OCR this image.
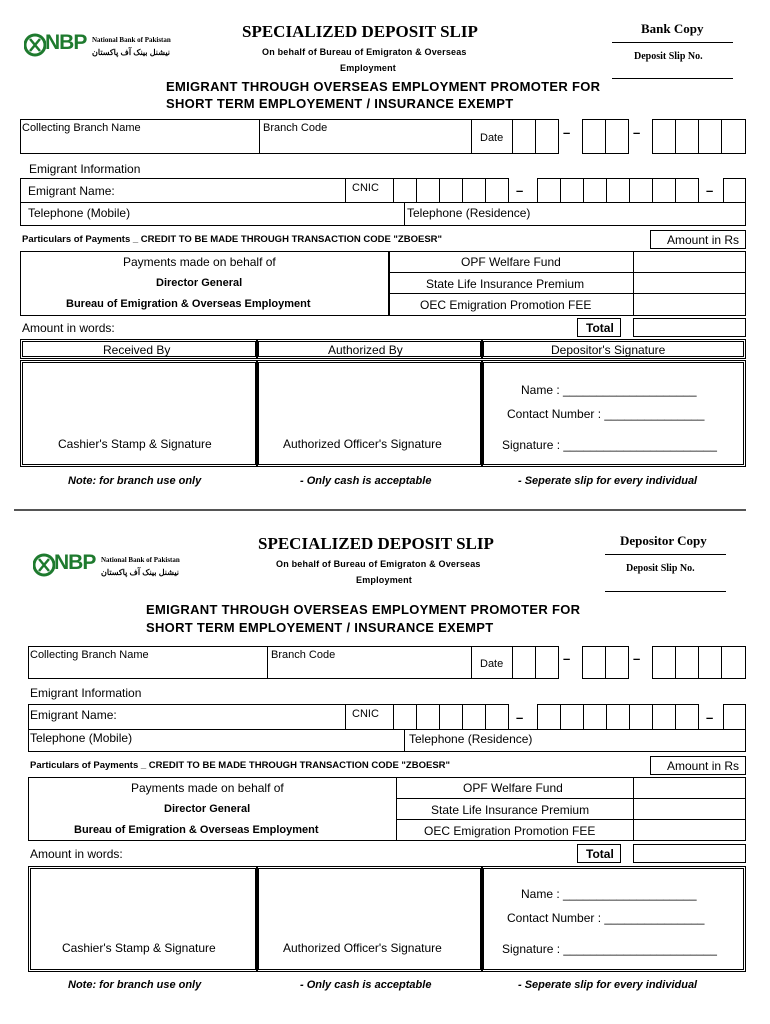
NBP National Bank of Pakistan
نیشنل بینک آف پاکستان
SPECIALIZED DEPOSIT SLIP
On behalf of Bureau of Emigraton & Overseas
Employment
Bank Copy
Deposit Slip No.
EMIGRANT THROUGH OVERSEAS EMPLOYMENT PROMOTER FOR
SHORT TERM EMPLOYEMENT / INSURANCE EXEMPT
Collecting Branch Name	Branch Code
Date	–	–
Emigrant Information
Emigrant Name:	CNIC	–	–
Telephone (Mobile)	Telephone (Residence)
Particulars of Payments _ CREDIT TO BE MADE THROUGH TRANSACTION CODE "ZBOESR"	Amount in Rs
Payments made on behalf of
Director General
Bureau of Emigration & Overseas Employment
OPF Welfare Fund
State Life Insurance Premium
OEC Emigration Promotion FEE
Amount in words:	Total
Received By	Authorized By	Depositor's Signature
Name : ____________________
Contact Number : _______________
Signature : _______________________
Cashier's Stamp & Signature	Authorized Officer's Signature
Note: for branch use only	- Only cash is acceptable	- Seperate slip for every individual
NBP National Bank of Pakistan
نیشنل بینک آف پاکستان
SPECIALIZED DEPOSIT SLIP
On behalf of Bureau of Emigraton & Overseas
Employment
Depositor Copy
Deposit Slip No.
EMIGRANT THROUGH OVERSEAS EMPLOYMENT PROMOTER FOR
SHORT TERM EMPLOYEMENT / INSURANCE EXEMPT
Collecting Branch Name	Branch Code
Date	–	–
Emigrant Information
Emigrant Name:	CNIC	–	–
Telephone (Mobile)	Telephone (Residence)
Particulars of Payments _ CREDIT TO BE MADE THROUGH TRANSACTION CODE "ZBOESR"	Amount in Rs
Payments made on behalf of
Director General
Bureau of Emigration & Overseas Employment
OPF Welfare Fund
State Life Insurance Premium
OEC Emigration Promotion FEE
Amount in words:	Total
Name : ____________________
Contact Number : _______________
Signature : _______________________
Cashier's Stamp & Signature	Authorized Officer's Signature
Note: for branch use only	- Only cash is acceptable	- Seperate slip for every individual
